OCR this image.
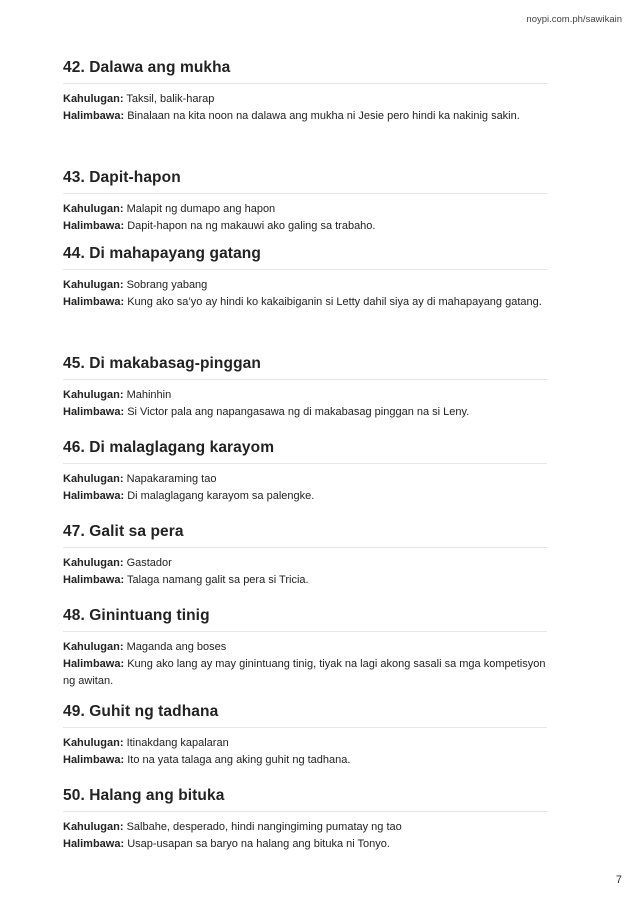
noypi.com.ph/sawikain
42. Dalawa ang mukha

Kahulugan: Taksil, balik-harap

Halimbawa: Binalaan na kita noon na dalawa ang mukha ni Jesie pero hindi ka nakinig sakin.

43. Dapit-hapon

Kahulugan: Malapit ng dumapo ang hapon

Halimbawa: Dapit-hapon na ng makauwi ako galing sa trabaho.

44. Di mahapayang gatang

Kahulugan: Sobrang yabang

Halimbawa: Kung ako sa’yo ay hindi ko kakaibiganin si Letty dahil siya ay di mahapayang gatang.

45. Di makabasag-pinggan

Kahulugan: Mahinhin

Halimbawa: Si Victor pala ang napangasawa ng di makabasag pinggan na si Leny.

46. Di malaglagang karayom

Kahulugan: Napakaraming tao

Halimbawa: Di malaglagang karayom sa palengke.

47. Galit sa pera

Kahulugan: Gastador

Halimbawa: Talaga namang galit sa pera si Tricia.

48. Ginintuang tinig

Kahulugan: Maganda ang boses

Halimbawa: Kung ako lang ay may ginintuang tinig, tiyak na lagi akong sasali sa mga kompetisyon ng awitan.

49. Guhit ng tadhana

Kahulugan: Itinakdang kapalaran

Halimbawa: Ito na yata talaga ang aking guhit ng tadhana.

50. Halang ang bituka

Kahulugan: Salbahe, desperado, hindi nangingiming pumatay ng tao

Halimbawa: Usap-usapan sa baryo na halang ang bituka ni Tonyo.

7
